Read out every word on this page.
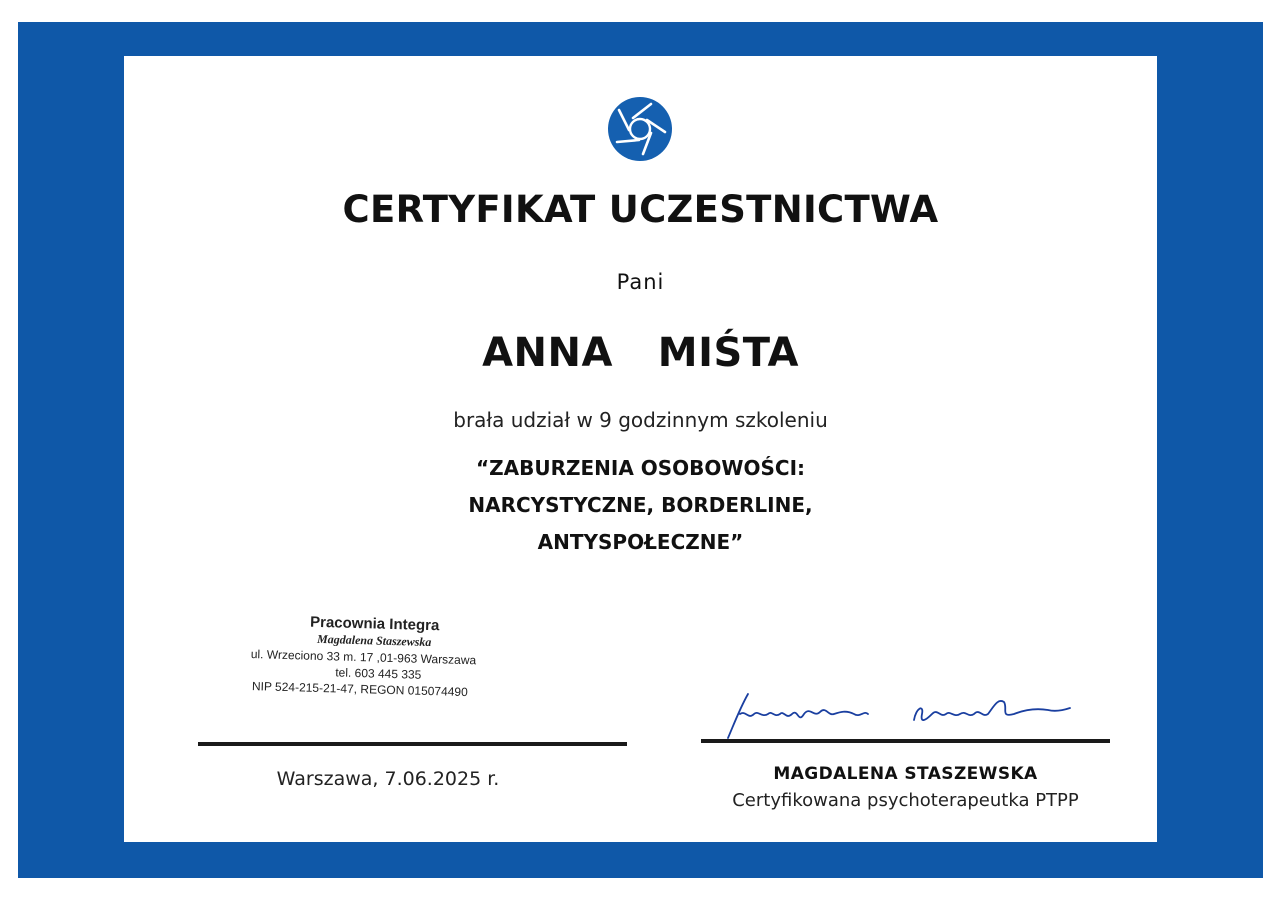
CERTYFIKAT UCZESTNICTWA
Pani
ANNA  MIŚTA
brała udział w 9 godzinnym szkoleniu
“ZABURZENIA OSOBOWOŚCI:
NARCYSTYCZNE, BORDERLINE,
ANTYSPOŁECZNE”
Pracownia Integra
Magdalena Staszewska
ul. Wrzeciono 33 m. 17 ,01-963 Warszawa
tel. 603 445 335
NIP 524-215-21-47, REGON 015074490
Warszawa, 7.06.2025 r.	MAGDALENA STASZEWSKA
Certyfikowana psychoterapeutka PTPP
